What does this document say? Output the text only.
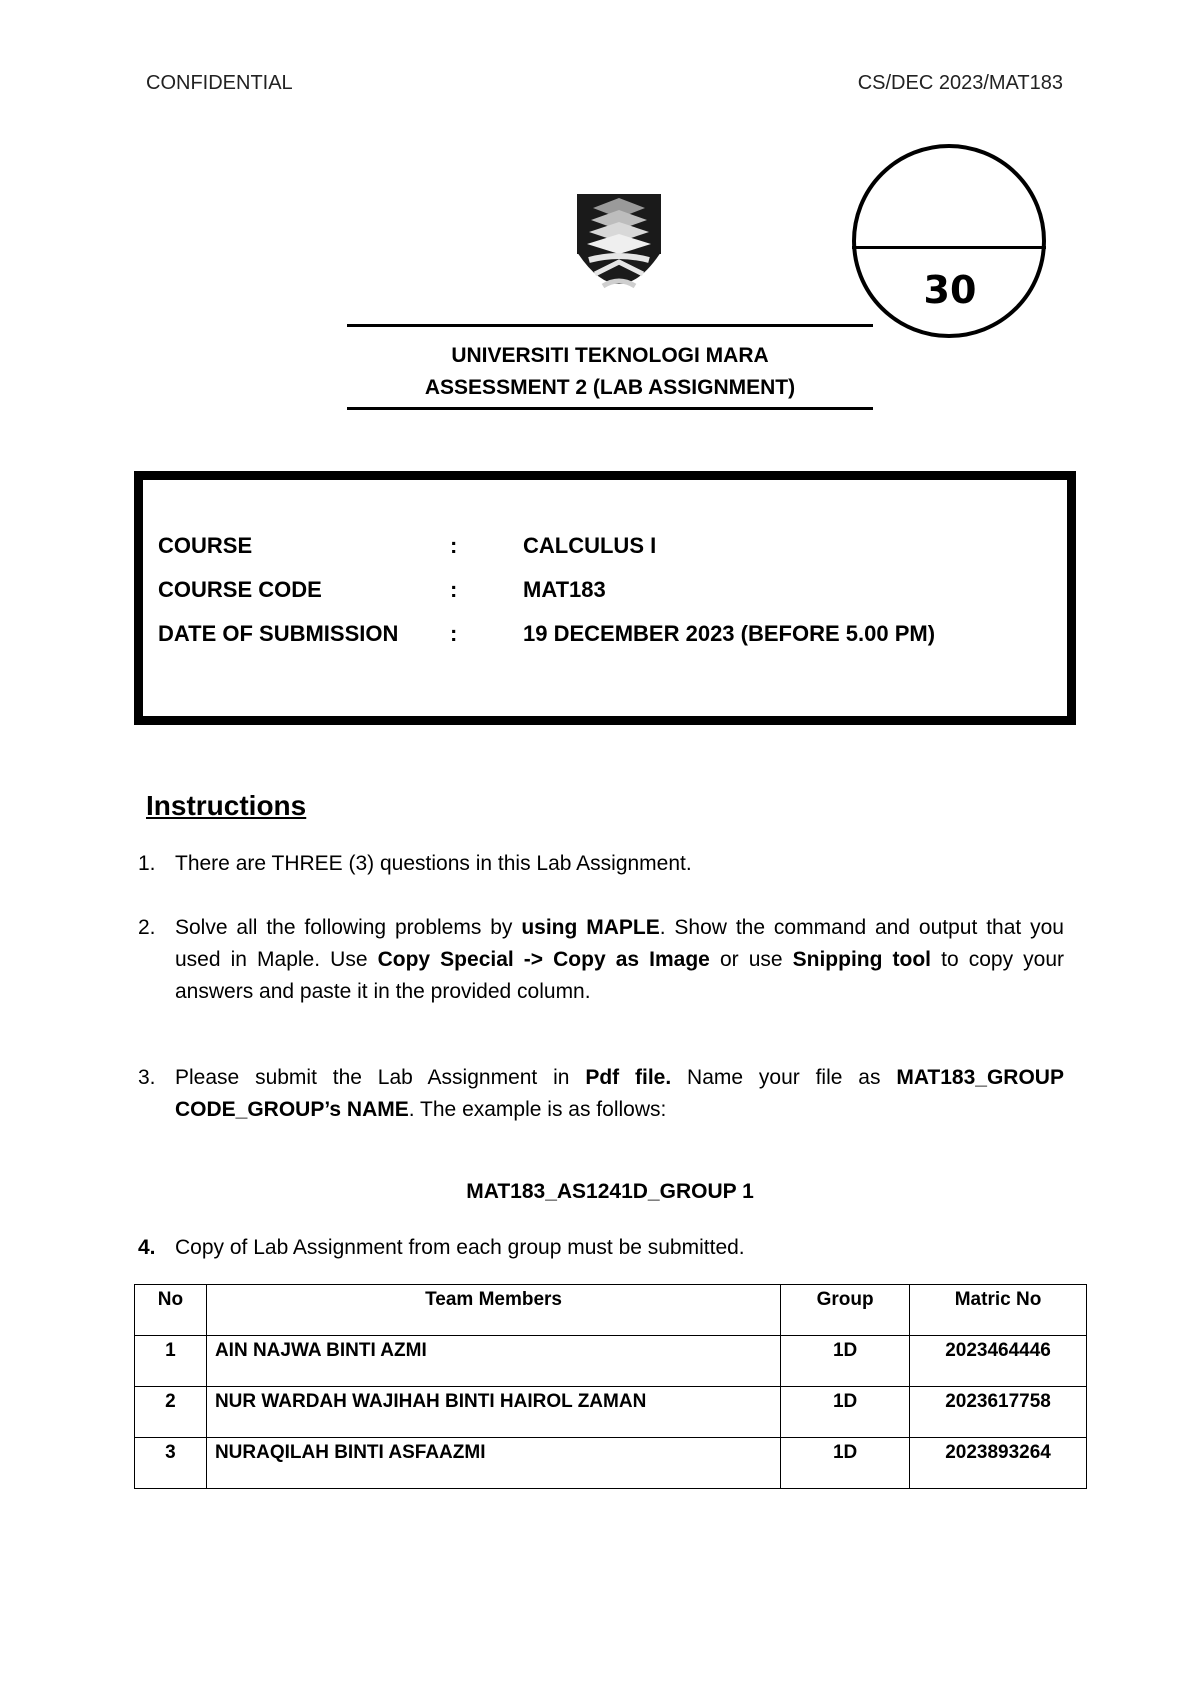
CONFIDENTIAL	CS/DEC 2023/MAT183
30
UNIVERSITI TEKNOLOGI MARA
ASSESSMENT 2 (LAB ASSIGNMENT)
COURSE	:	CALCULUS I
COURSE CODE	:	MAT183
DATE OF SUBMISSION :	19 DECEMBER 2023 (BEFORE 5.00 PM)
Instructions
1. There are THREE (3) questions in this Lab Assignment.
2. Solve all the following problems by using MAPLE. Show the command and output that you used in Maple. Use Copy Special -> Copy as Image or use Snipping tool to copy your answers and paste it in the provided column.
3. Please submit the Lab Assignment in Pdf file. Name your file as MAT183_GROUP CODE_GROUP’s NAME. The example is as follows:
MAT183_AS1241D_GROUP 1
4. Copy of Lab Assignment from each group must be submitted.
No	Team Members	Group	Matric No
1	AIN NAJWA BINTI AZMI	1D	2023464446
2	NUR WARDAH WAJIHAH BINTI HAIROL ZAMAN	1D	2023617758
3	NURAQILAH BINTI ASFAAZMI	1D	2023893264
